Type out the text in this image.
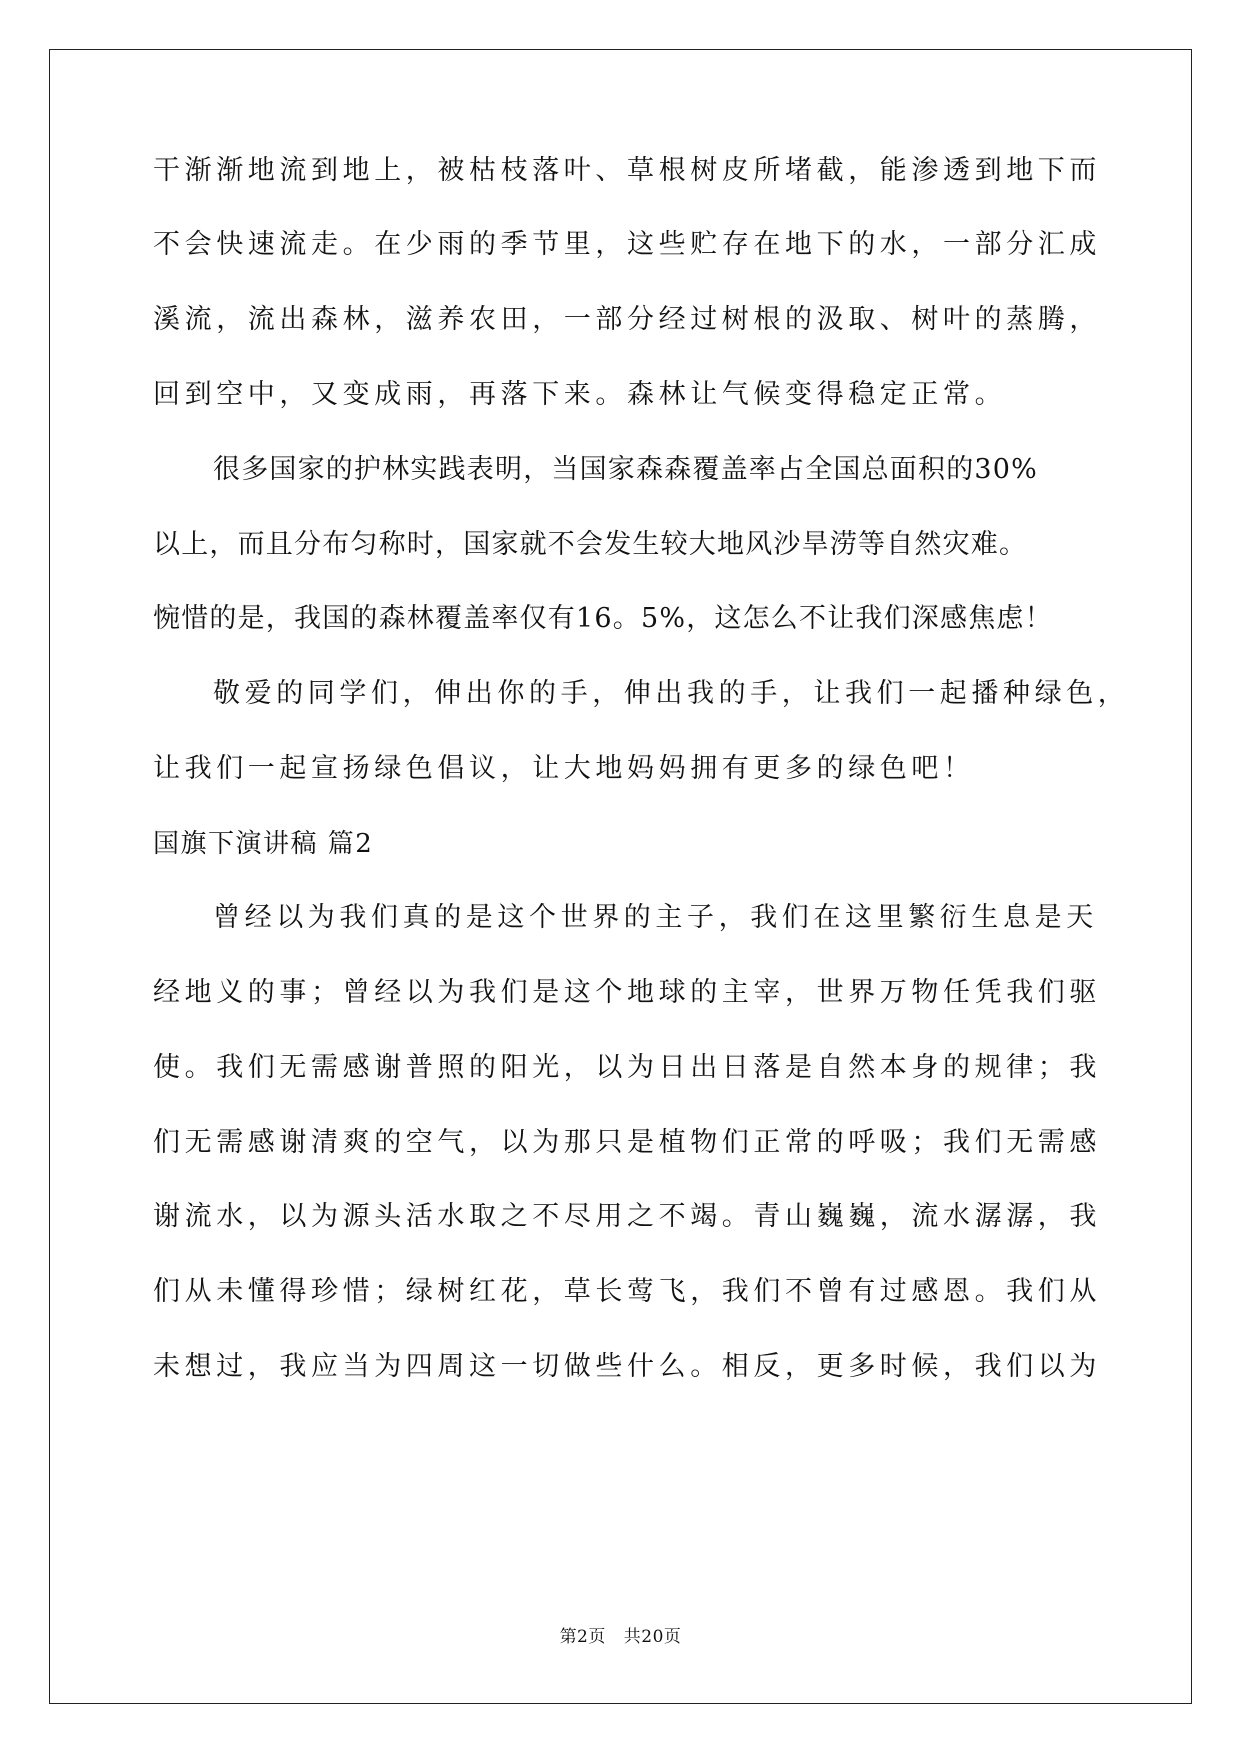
干渐渐地流到地上，被枯枝落叶、草根树皮所堵截，能渗透到地下而
不会快速流走。在少雨的季节里，这些贮存在地下的水，一部分汇成
溪流，流出森林，滋养农田，一部分经过树根的汲取、树叶的蒸腾，
回到空中，又变成雨，再落下来。森林让气候变得稳定正常。
很多国家的护林实践表明，当国家森森覆盖率占全国总面积的30%
以上，而且分布匀称时，国家就不会发生较大地风沙旱涝等自然灾难。
惋惜的是，我国的森林覆盖率仅有16。5%，这怎么不让我们深感焦虑！
敬爱的同学们，伸出你的手，伸出我的手，让我们一起播种绿色，
让我们一起宣扬绿色倡议，让大地妈妈拥有更多的绿色吧！
国旗下演讲稿 篇2
曾经以为我们真的是这个世界的主子，我们在这里繁衍生息是天
经地义的事；曾经以为我们是这个地球的主宰，世界万物任凭我们驱
使。我们无需感谢普照的阳光，以为日出日落是自然本身的规律；我
们无需感谢清爽的空气，以为那只是植物们正常的呼吸；我们无需感
谢流水，以为源头活水取之不尽用之不竭。青山巍巍，流水潺潺，我
们从未懂得珍惜；绿树红花，草长莺飞，我们不曾有过感恩。我们从
未想过，我应当为四周这一切做些什么。相反，更多时候，我们以为
第2页 共20页
